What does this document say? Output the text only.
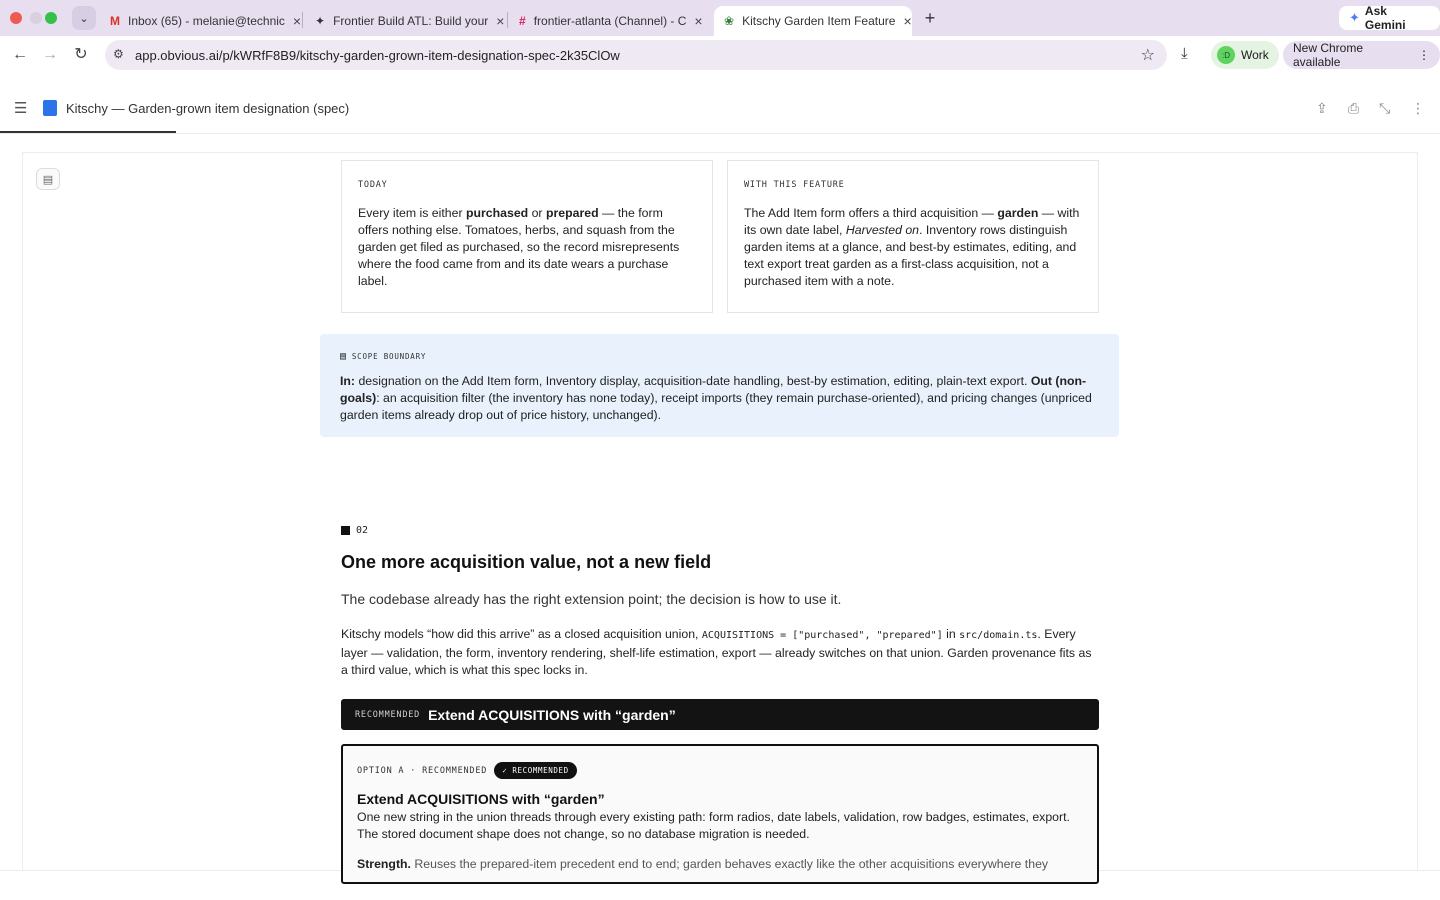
⌄ M Inbox (65) - melanie@technic × ✦ Frontier Build ATL: Build your × # frontier-atlanta (Channel) - C × ❀ Kitschy Garden Item Feature × +	✦ Ask Gemini
← → ↻ ⚙ app.obvious.ai/p/kWRfF8B9/kitschy-garden-grown-item-designation-spec-2k35ClOw	☆ ⤓	:D Work New Chrome available	⋮
☰	Kitschy — Garden-grown item designation (spec)	⇪ ⎙ ⤡ ⋮
▤	TODAY
Every item is either purchased or prepared — the form offers nothing else. Tomatoes, herbs, and squash from the garden get filed as purchased, so the record misrepresents where the food came from and its date wears a purchase label.
WITH THIS FEATURE
The Add Item form offers a third acquisition — garden — with its own date label, Harvested on. Inventory rows distinguish garden items at a glance, and best-by estimates, editing, and text export treat garden as a first-class acquisition, not a purchased item with a note.
▤ SCOPE BOUNDARY
In: designation on the Add Item form, Inventory display, acquisition-date handling, best-by estimation, editing, plain-text export. Out (non-goals): an acquisition filter (the inventory has none today), receipt imports (they remain purchase-oriented), and pricing changes (unpriced garden items already drop out of price history, unchanged).
02
One more acquisition value, not a new field
The codebase already has the right extension point; the decision is how to use it.
Kitschy models “how did this arrive” as a closed acquisition union, ACQUISITIONS = ["purchased", "prepared"] in src/domain.ts. Every layer — validation, the form, inventory rendering, shelf-life estimation, export — already switches on that union. Garden provenance fits as a third value, which is what this spec locks in.
RECOMMENDED Extend ACQUISITIONS with “garden”
OPTION A · RECOMMENDED	✓ RECOMMENDED
Extend ACQUISITIONS with “garden”
One new string in the union threads through every existing path: form radios, date labels, validation, row badges, estimates, export. The stored document shape does not change, so no database migration is needed.
Strength. Reuses the prepared-item precedent end to end; garden behaves exactly like the other acquisitions everywhere they
